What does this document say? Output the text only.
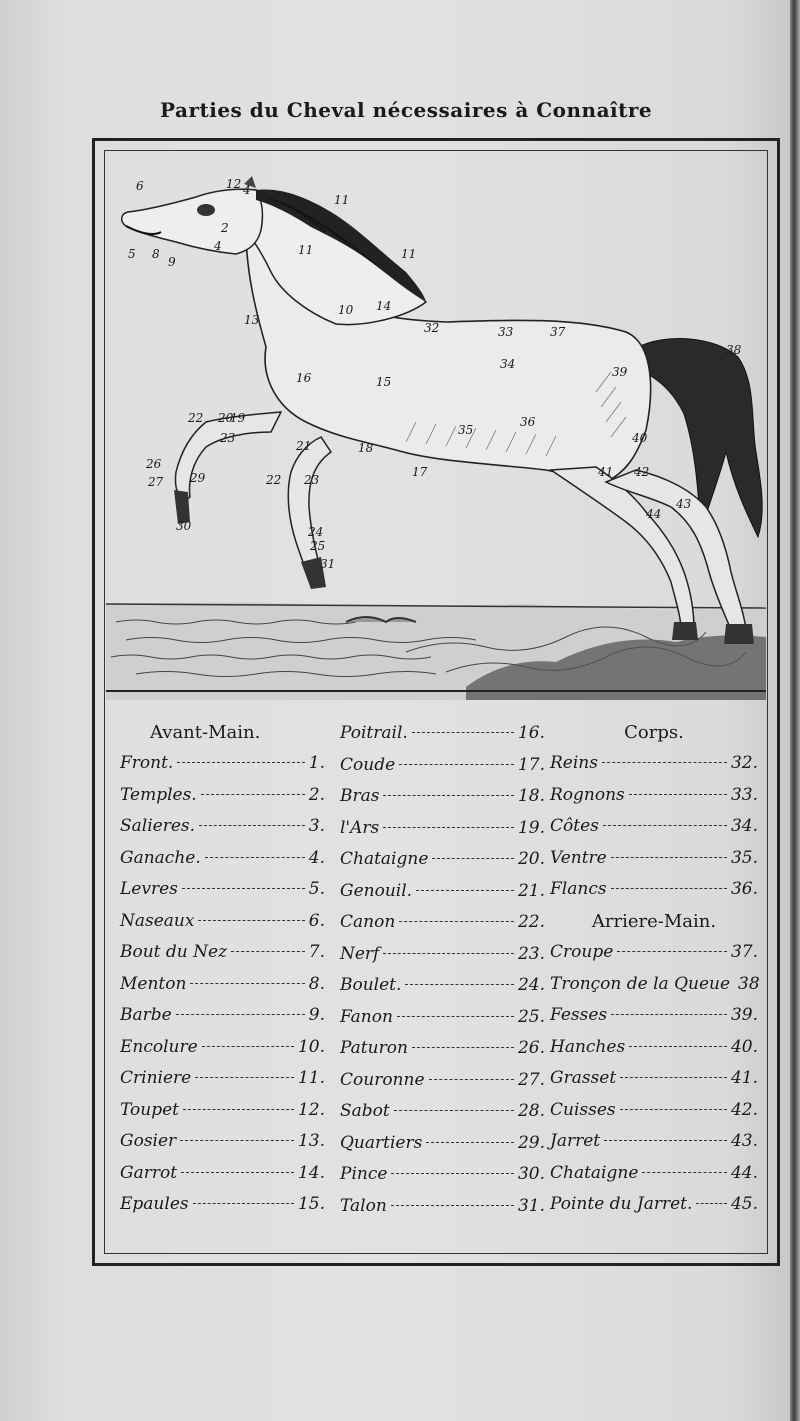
Parties du Cheval nécessaires à Connaître
6	12 4
11
2
4
5 8
9
11	11
13
10 14
32	33	37
38
34
39
16	15
22 20
23
19
35
36
40
26
27 29
21	18
17	41 42
22 23
43
44
30	24
25
31
Avant-Main.
Front.	1.
Temples.	2.
Salieres.	3.
Ganache.	4.
Levres	5.
Naseaux	6.
Bout du Nez	7.
Menton	8.
Barbe	9.
Encolure	10.
Criniere	11.
Toupet	12.
Gosier	13.
Garrot	14.
Epaules	15.
Poitrail.	16.
Coude	17.
Bras	18.
l'Ars	19.
Chataigne	20.
Genouil.	21.
Canon	22.
Nerf	23.
Boulet.	24.
Fanon	25.
Paturon	26.
Couronne	27.
Sabot	28.
Quartiers	29.
Pince	30.
Talon	31.
Corps.
Reins	32.
Rognons	33.
Côtes	34.
Ventre	35.
Flancs	36.
Arriere-Main.
Croupe	37.
Tronçon de la Queue 38
Fesses	39.
Hanches	40.
Grasset	41.
Cuisses	42.
Jarret	43.
Chataigne	44.
Pointe du Jarret. 45.
